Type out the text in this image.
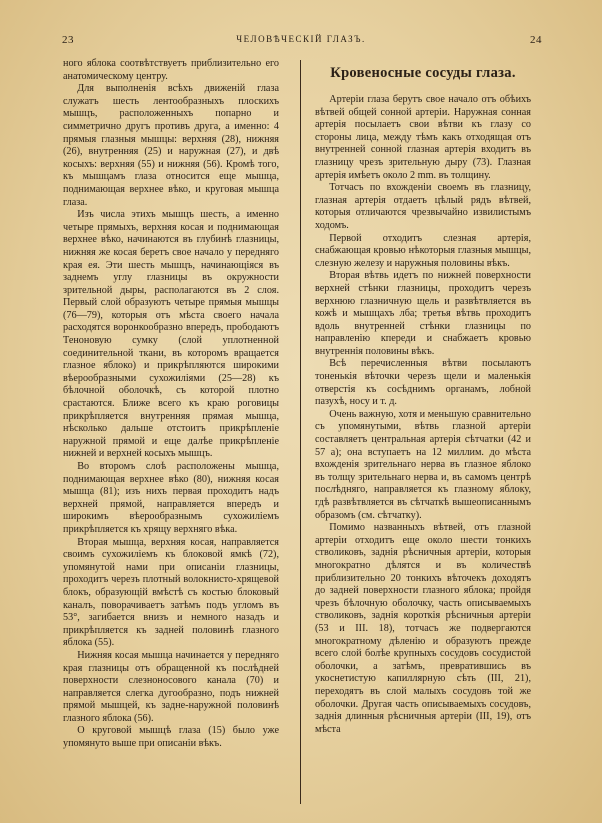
23	ЧЕЛОВѢЧЕСКІЙ ГЛАЗЪ.	24

ного яблока соотвѣтствуетъ приблизительно его анатомическому центру.

Для выполненія всѣхъ движеній глаза служатъ шесть лентообразныхъ плоскихъ мышцъ, расположенныхъ попарно и симметрично другъ противъ друга, а именно: 4 прямыя глазныя мышцы: верхняя (28), нижняя (26), внутренняя (25) и наружная (27), и двѣ косыхъ: верхняя (55) и нижняя (56). Кромѣ того, къ мышцамъ глаза относится еще мышца, поднимающая верхнее вѣко, и круговая мышца глаза.

Изъ числа этихъ мышцъ шесть, а именно четыре прямыхъ, верхняя косая и поднимающая верхнее вѣко, начинаются въ глубинѣ глазницы, нижняя же косая беретъ свое начало у передняго края ея. Эти шесть мышцъ, начинающіяся въ заднемъ углу глазницы въ окружности зрительной дыры, располагаются въ 2 слоя. Первый слой образуютъ четыре прямыя мышцы (76—79), которыя отъ мѣста своего начала расходятся воронкообразно впередъ, прободаютъ Теноновую сумку (слой уплотненной соединительной ткани, въ которомъ вращается глазное яблоко) и прикрѣпляются широкими вѣерообразными сухожиліями (25—28) къ бѣлочной оболочкѣ, съ которой плотно срастаются. Ближе всего къ краю роговицы прикрѣпляется внутренняя прямая мышца, нѣсколько дальше отстоитъ прикрѣпленіе наружной прямой и еще далѣе прикрѣпленіе нижней и верхней косыхъ мышцъ.

Во второмъ слоѣ расположены мышца, поднимающая верхнее вѣко (80), нижняя косая мышца (81); изъ нихъ первая проходитъ надъ верхней прямой, направляется впередъ и широкимъ вѣерообразнымъ сухожиліемъ прикрѣпляется къ хрящу верхняго вѣка.

Вторая мышца, верхняя косая, направляется своимъ сухожиліемъ къ блоковой ямкѣ (72), упомянутой нами при описаніи глазницы, проходитъ черезъ плотный волокнисто-хрящевой блокъ, образующій вмѣстѣ съ костью блоковый каналъ, поворачиваетъ затѣмъ подъ угломъ въ 53°, загибается внизъ и немного назадъ и прикрѣпляется къ задней половинѣ глазного яблока (55).

Нижняя косая мышца начинается у передняго края глазницы отъ обращенной къ послѣдней поверхности слезноносового канала (70) и направляется слегка дугообразно, подъ нижней прямой мышцей, къ задне-наружной половинѣ глазного яблока (56).

О круговой мышцѣ глаза (15) было уже упомянуто выше при описаніи вѣкъ.

Кровеносные сосуды глаза.

Артеріи глаза берутъ свое начало отъ обѣихъ вѣтвей общей сонной артеріи. Наружная сонная артерія посылаетъ свои вѣтви къ глазу со стороны лица, между тѣмъ какъ отходящая отъ внутренней сонной глазная артерія входитъ въ глазницу чрезъ зрительную дыру (73). Глазная артерія имѣетъ около 2 mm. въ толщину.

Тотчасъ по вхожденіи своемъ въ глазницу, глазная артерія отдаетъ цѣлый рядъ вѣтвей, которыя отличаются чрезвычайно извилистымъ ходомъ.

Первой отходитъ слезная артерія, снабжающая кровью нѣкоторыя глазныя мышцы, слезную железу и наружныя половины вѣкъ.

Вторая вѣтвь идетъ по нижней поверхности верхней стѣнки глазницы, проходитъ черезъ верхнюю глазничную щель и развѣтвляется въ кожѣ и мышцахъ лба; третья вѣтвь проходитъ вдоль внутренней стѣнки глазницы по направленію кпереди и снабжаетъ кровью внутреннія половины вѣкъ.

Всѣ перечисленныя вѣтви посылаютъ тоненькія вѣточки черезъ щели и маленькія отверстія къ сосѣднимъ органамъ, лобной пазухѣ, носу и т. д.

Очень важную, хотя и меньшую сравнительно съ упомянутыми, вѣтвь глазной артеріи составляетъ центральная артерія сѣтчатки (42 и 57 а); она вступаетъ на 12 миллим. до мѣста вхожденія зрительнаго нерва въ глазное яблоко въ толщу зрительнаго нерва и, въ самомъ центрѣ послѣдняго, направляется къ глазному яблоку, гдѣ развѣтвляется въ сѣтчаткѣ вышеописаннымъ образомъ (см. сѣтчатку).

Помимо названныхъ вѣтвей, отъ глазной артеріи отходитъ еще около шести тонкихъ стволиковъ, заднія рѣсничныя артеріи, которыя многократно дѣлятся и въ количествѣ приблизительно 20 тонкихъ вѣточекъ доходятъ до задней поверхности глазного яблока; пройдя чрезъ бѣлочную оболочку, часть описываемыхъ стволиковъ, заднія короткія рѣсничныя артеріи (53 и III. 18), тотчасъ же подвергаются многократному дѣленію и образуютъ прежде всего слой болѣе крупныхъ сосудовъ сосудистой оболочки, а затѣмъ, превратившись въ укоснетистую капиллярную сѣть (III, 21), переходятъ въ слой малыхъ сосудовъ той же оболочки. Другая часть описываемыхъ сосудовъ, заднія длинныя рѣсничныя артеріи (III, 19), отъ мѣста
